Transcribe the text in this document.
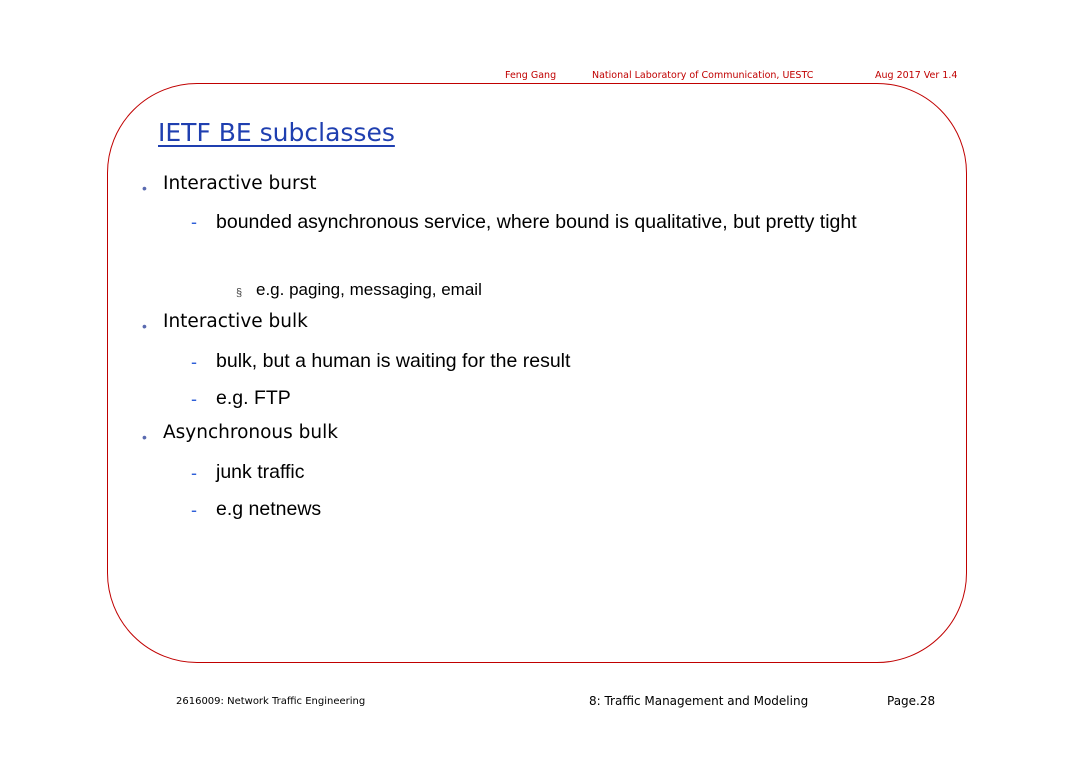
Feng Gang	National Laboratory of Communication, UESTC	Aug 2017 Ver 1.4
IETF BE subclasses
• Interactive burst
- bounded asynchronous service, where bound is qualitative, but pretty tight
§ e.g. paging, messaging, email
• Interactive bulk
- bulk, but a human is waiting for the result
- e.g. FTP
• Asynchronous bulk
- junk traffic
- e.g netnews
2616009: Network Traffic Engineering	8: Traffic Management and Modeling	Page.28
